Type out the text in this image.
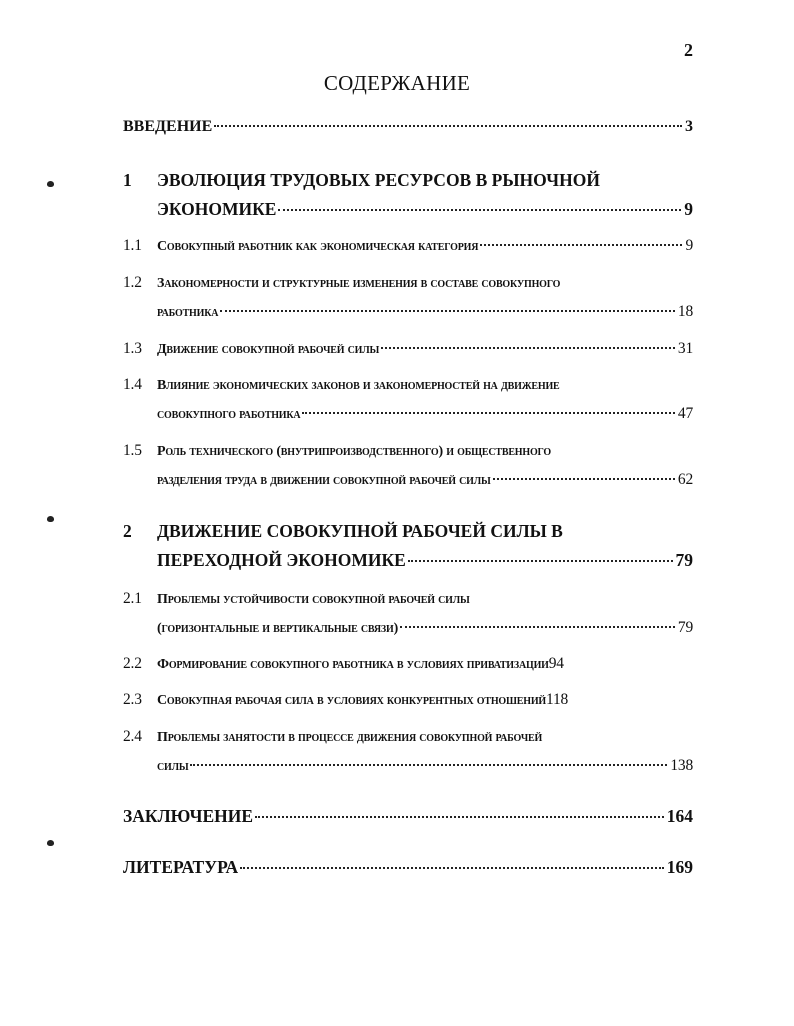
2
СОДЕРЖАНИЕ
ВВЕДЕНИЕ	3
1	ЭВОЛЮЦИЯ ТРУДОВЫХ РЕСУРСОВ В РЫНОЧНОЙ
ЭКОНОМИКЕ	9
1.1	Совокупный работник как экономическая категория	9
1.2	Закономерности и структурные изменения в составе совокупного
работника	18
1.3	Движение совокупной рабочей силы	31
1.4	Влияние экономических законов и закономерностей на движение
совокупного работника	47
1.5	Роль технического (внутрипроизводственного) и общественного
разделения труда в движении совокупной рабочей силы	62
2	ДВИЖЕНИЕ СОВОКУПНОЙ РАБОЧЕЙ СИЛЫ В
ПЕРЕХОДНОЙ ЭКОНОМИКЕ	79
2.1	Проблемы устойчивости совокупной рабочей силы
(горизонтальные и вертикальные связи)	79
2.2	Формирование совокупного работника в условиях приватизации 94
2.3	Совокупная рабочая сила в условиях конкурентных отношений 118
2.4	Проблемы занятости в процессе движения совокупной рабочей
силы	138
ЗАКЛЮЧЕНИЕ	164
ЛИТЕРАТУРА	169
